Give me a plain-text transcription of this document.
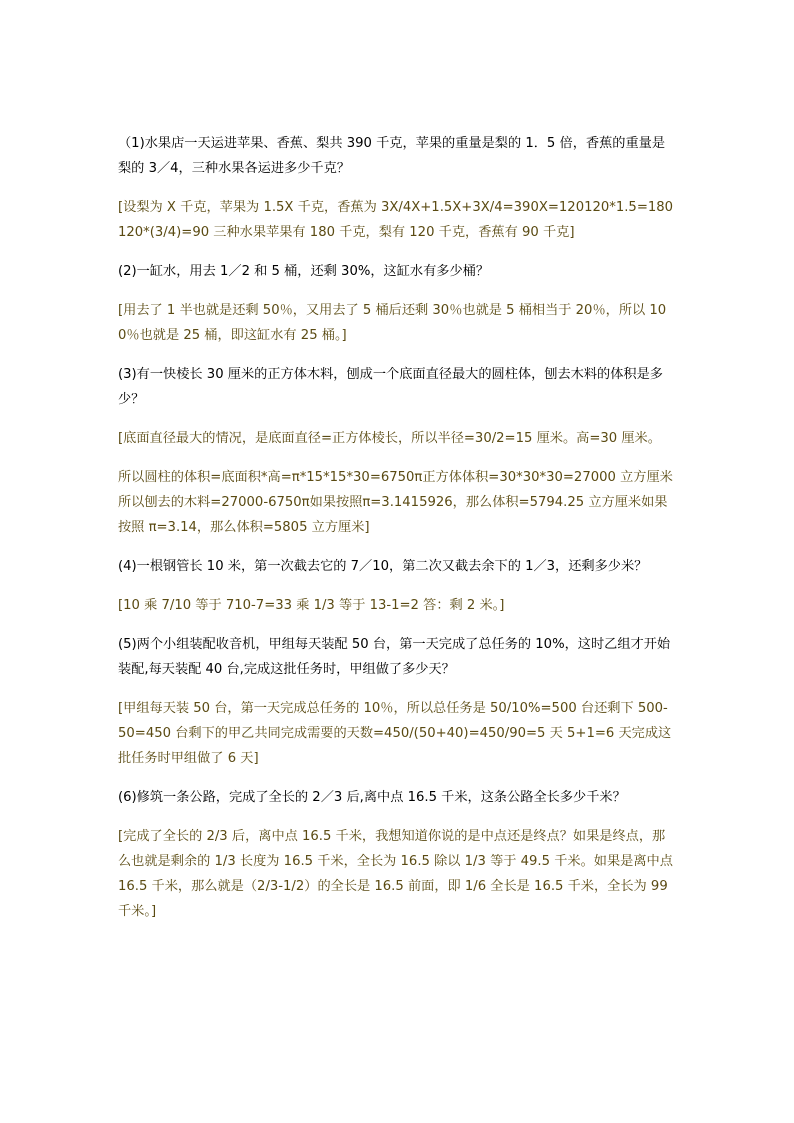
（1)水果店一天运进苹果、香蕉、梨共 390 千克，苹果的重量是梨的 1．5 倍，香蕉的重量是梨的 3／4，三种水果各运进多少千克？

[设梨为 X 千克，苹果为 1.5X 千克，香蕉为 3X/4X+1.5X+3X/4=390X=120120*1.5=180120*(3/4)=90 三种水果苹果有 180 千克，梨有 120 千克，香蕉有 90 千克]

(2)一缸水，用去 1／2 和 5 桶，还剩 30%，这缸水有多少桶？

[用去了 1 半也就是还剩 50％，又用去了 5 桶后还剩 30％也就是 5 桶相当于 20％，所以 100％也就是 25 桶，即这缸水有 25 桶。]

(3)有一快棱长 30 厘米的正方体木料，刨成一个底面直径最大的圆柱体，刨去木料的体积是多少？

[底面直径最大的情况，是底面直径=正方体棱长，所以半径=30/2=15 厘米。高=30 厘米。

所以圆柱的体积=底面积*高=π*15*15*30=6750π正方体体积=30*30*30=27000 立方厘米所以刨去的木料=27000-6750π如果按照π=3.1415926，那么体积=5794.25 立方厘米如果按照 π=3.14，那么体积=5805 立方厘米]

(4)一根钢管长 10 米，第一次截去它的 7／10，第二次又截去余下的 1／3，还剩多少米？

[10 乘 7/10 等于 710-7=33 乘 1/3 等于 13-1=2 答：剩 2 米。]

(5)两个小组装配收音机，甲组每天装配 50 台，第一天完成了总任务的 10%，这时乙组才开始装配,每天装配 40 台,完成这批任务时，甲组做了多少天？

[甲组每天装 50 台，第一天完成总任务的 10％，所以总任务是 50/10%=500 台还剩下 500-50=450 台剩下的甲乙共同完成需要的天数=450/(50+40)=450/90=5 天 5+1=6 天完成这批任务时甲组做了 6 天]

(6)修筑一条公路，完成了全长的 2／3 后,离中点 16.5 千米，这条公路全长多少千米？

[完成了全长的 2/3 后，离中点 16.5 千米，我想知道你说的是中点还是终点？如果是终点，那么也就是剩余的 1/3 长度为 16.5 千米，全长为 16.5 除以 1/3 等于 49.5 千米。如果是离中点 16.5 千米，那么就是（2/3-1/2）的全长是 16.5 前面，即 1/6 全长是 16.5 千米，全长为 99 千米。]
